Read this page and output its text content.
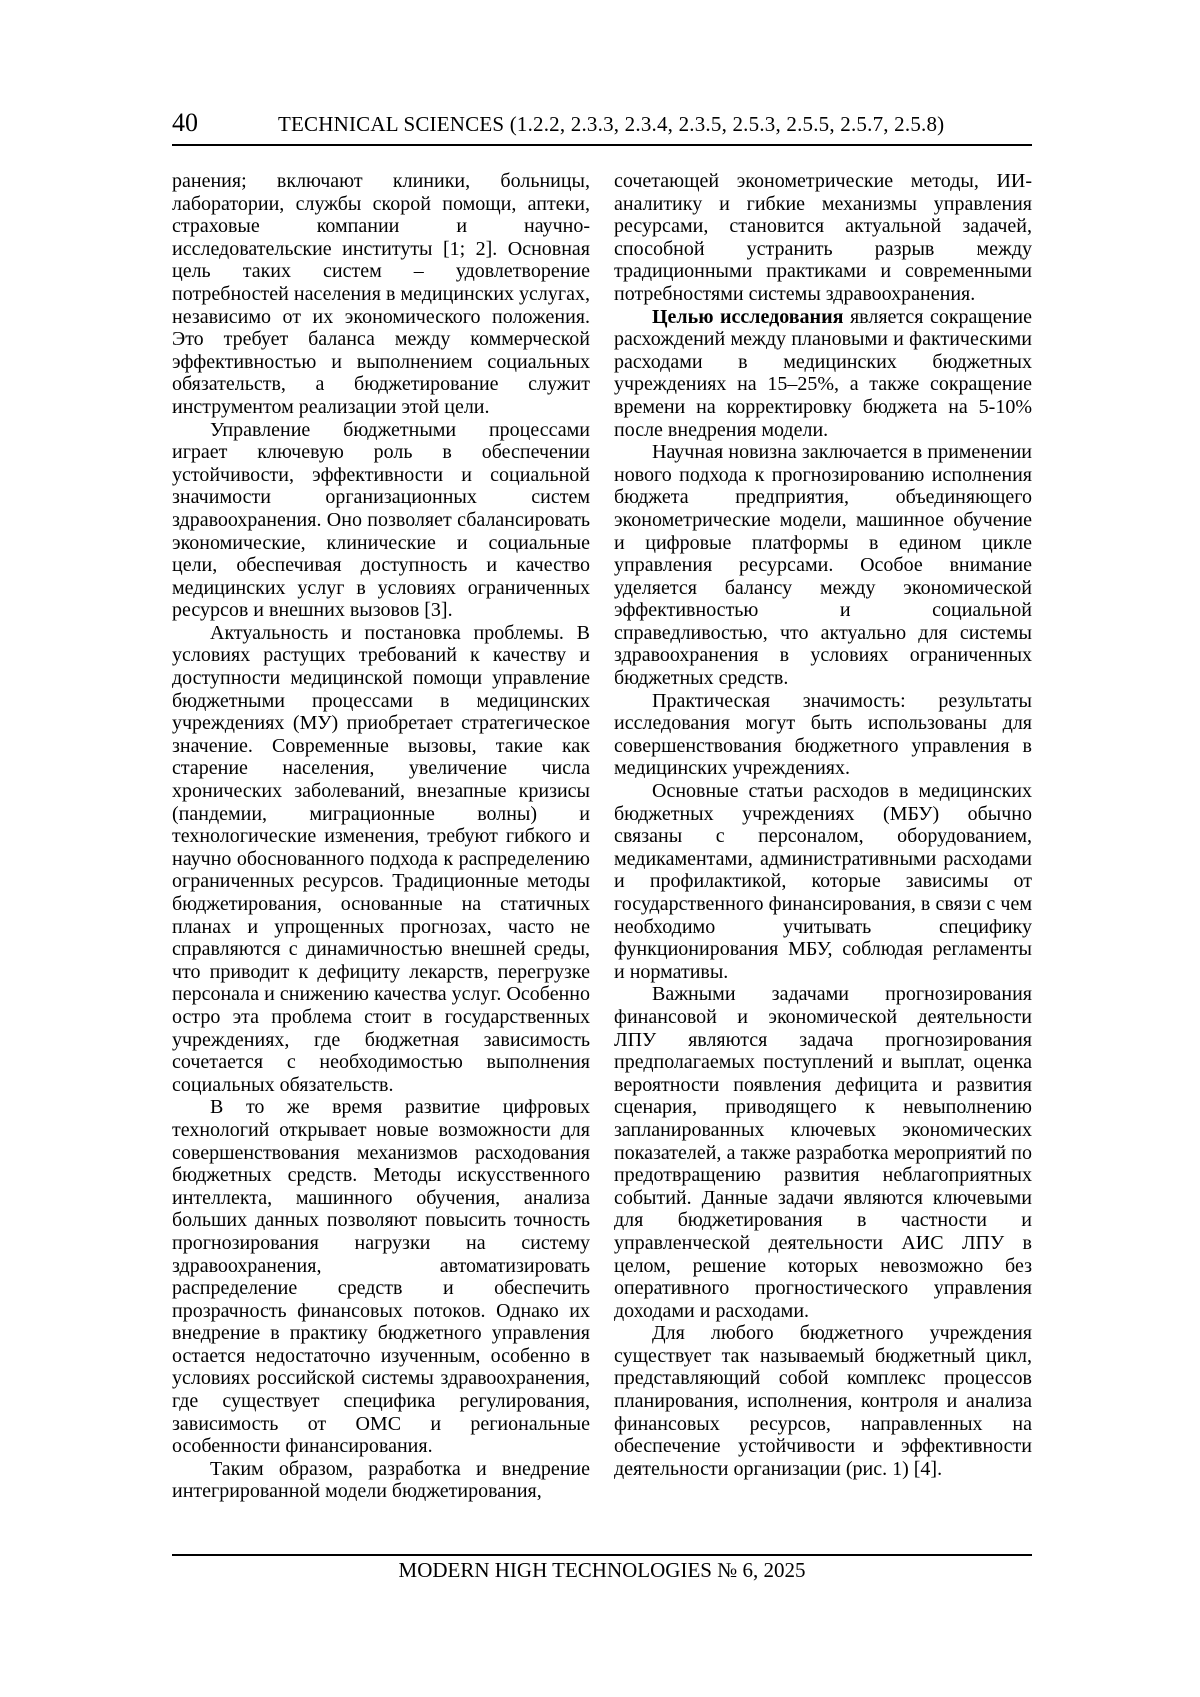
40	TECHNICAL SCIENCES (1.2.2, 2.3.3, 2.3.4, 2.3.5, 2.5.3, 2.5.5, 2.5.7, 2.5.8)

ранения; включают клиники, больницы, лаборатории, службы скорой помощи, аптеки, страховые компании и научно-исследовательские институты [1; 2]. Основная цель таких систем – удовлетворение потребностей населения в медицинских услугах, независимо от их экономического положения. Это требует баланса между коммерческой эффективностью и выполнением социальных обязательств, а бюджетирование служит инструментом реализации этой цели.

Управление бюджетными процессами играет ключевую роль в обеспечении устойчивости, эффективности и социальной значимости организационных систем здравоохранения. Оно позволяет сбалансировать экономические, клинические и социальные цели, обеспечивая доступность и качество медицинских услуг в условиях ограниченных ресурсов и внешних вызовов [3].

Актуальность и постановка проблемы. В условиях растущих требований к качеству и доступности медицинской помощи управление бюджетными процессами в медицинских учреждениях (МУ) приобретает стратегическое значение. Современные вызовы, такие как старение населения, увеличение числа хронических заболеваний, внезапные кризисы (пандемии, миграционные волны) и технологические изменения, требуют гибкого и научно обоснованного подхода к распределению ограниченных ресурсов. Традиционные методы бюджетирования, основанные на статичных планах и упрощенных прогнозах, часто не справляются с динамичностью внешней среды, что приводит к дефициту лекарств, перегрузке персонала и снижению качества услуг. Особенно остро эта проблема стоит в государственных учреждениях, где бюджетная зависимость сочетается с необходимостью выполнения социальных обязательств.

В то же время развитие цифровых технологий открывает новые возможности для совершенствования механизмов расходования бюджетных средств. Методы искусственного интеллекта, машинного обучения, анализа больших данных позволяют повысить точность прогнозирования нагрузки на систему здравоохранения, автоматизировать распределение средств и обеспечить прозрачность финансовых потоков. Однако их внедрение в практику бюджетного управления остается недостаточно изученным, особенно в условиях российской системы здравоохранения, где существует специфика регулирования, зависимость от ОМС и региональные особенности финансирования.

Таким образом, разработка и внедрение интегрированной модели бюджетирования,

сочетающей эконометрические методы, ИИ-аналитику и гибкие механизмы управления ресурсами, становится актуальной задачей, способной устранить разрыв между традиционными практиками и современными потребностями системы здравоохранения.

Целью исследования является сокращение расхождений между плановыми и фактическими расходами в медицинских бюджетных учреждениях на 15–25%, а также сокращение времени на корректировку бюджета на 5-10% после внедрения модели.

Научная новизна заключается в применении нового подхода к прогнозированию исполнения бюджета предприятия, объединяющего эконометрические модели, машинное обучение и цифровые платформы в едином цикле управления ресурсами. Особое внимание уделяется балансу между экономической эффективностью и социальной справедливостью, что актуально для системы здравоохранения в условиях ограниченных бюджетных средств.

Практическая значимость: результаты исследования могут быть использованы для совершенствования бюджетного управления в медицинских учреждениях.

Основные статьи расходов в медицинских бюджетных учреждениях (МБУ) обычно связаны с персоналом, оборудованием, медикаментами, административными расходами и профилактикой, которые зависимы от государственного финансирования, в связи с чем необходимо учитывать специфику функционирования МБУ, соблюдая регламенты и нормативы.

Важными задачами прогнозирования финансовой и экономической деятельности ЛПУ являются задача прогнозирования предполагаемых поступлений и выплат, оценка вероятности появления дефицита и развития сценария, приводящего к невыполнению запланированных ключевых экономических показателей, а также разработка мероприятий по предотвращению развития неблагоприятных событий. Данные задачи являются ключевыми для бюджетирования в частности и управленческой деятельности АИС ЛПУ в целом, решение которых невозможно без оперативного прогностического управления доходами и расходами.

Для любого бюджетного учреждения существует так называемый бюджетный цикл, представляющий собой комплекс процессов планирования, исполнения, контроля и анализа финансовых ресурсов, направленных на обеспечение устойчивости и эффективности деятельности организации (рис. 1) [4].

MODERN HIGH TECHNOLOGIES № 6, 2025
